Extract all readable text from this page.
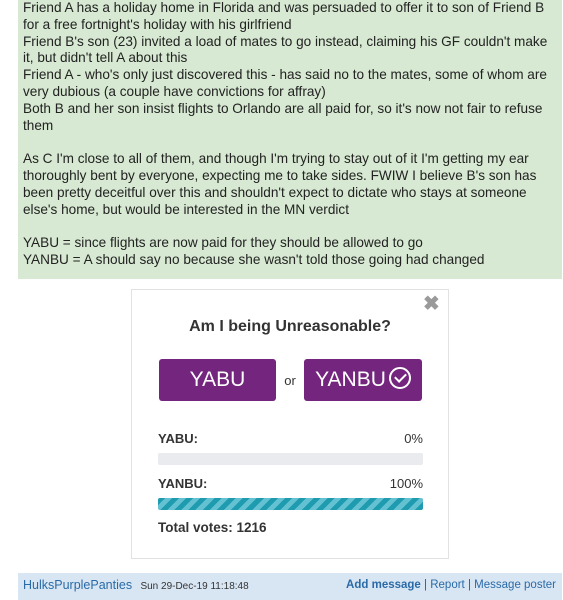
Friend A has a holiday home in Florida and was persuaded to offer it to son of Friend B for a free fortnight's holiday with his girlfriend

Friend B's son (23) invited a load of mates to go instead, claiming his GF couldn't make it, but didn't tell A about this

Friend A - who's only just discovered this - has said no to the mates, some of whom are very dubious (a couple have convictions for affray)

Both B and her son insist flights to Orlando are all paid for, so it's now not fair to refuse them

As C I'm close to all of them, and though I'm trying to stay out of it I'm getting my ear thoroughly bent by everyone, expecting me to take sides. FWIW I believe B's son has been pretty deceitful over this and shouldn't expect to dictate who stays at someone else's home, but would be interested in the MN verdict

YABU = since flights are now paid for they should be allowed to go

YANBU = A should say no because she wasn't told those going had changed

✖
Am I being Unreasonable?
YABU	or YANBU
YABU:	0%
YANBU:	100%
Total votes: 1216
HulksPurplePanties Sun 29-Dec-19 11:18:48	Add message | Report | Message poster
